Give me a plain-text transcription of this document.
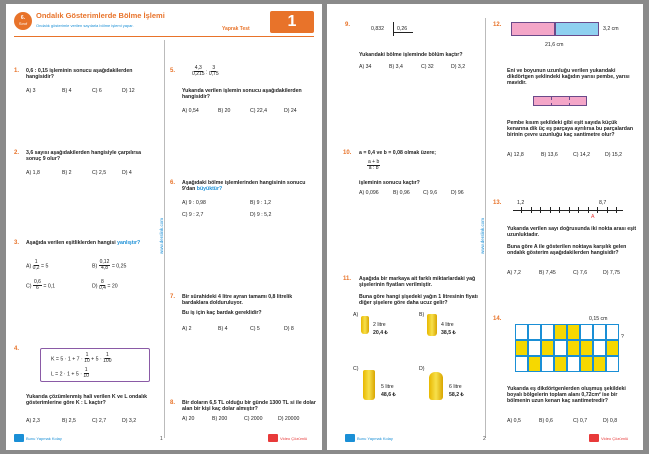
6.
Sınıf
Ondalık Gösterimlerde Bölme İşlemi
Ondalık gösterimle verilen sayılarla bölme işlemi yapar.
Yaprak Test	1
www.derslink.com
1. 0,6 : 0,15 işleminin sonucu aşağıdakilerden hangisidir?
A) 3	B) 4	C) 6	D) 12
2. 3,6 sayısı aşağıdakilerden hangisiyle çarpılırsa sonuç 9 olur?
A) 1,8	B) 2	C) 2,5	D) 4
3. Aşağıda verilen eşitliklerden hangisi yanlıştır?
$A) \frac{1}{0,2} = 5$	$B) \frac{0,12}{4,8} = 0,25$
$C) \frac{0,6}{6} = 0,1$	$D) \frac{8}{0,4} = 20$
4.
$K = 5 \cdot 1 + 7 \cdot \frac{1}{10} + 5 \cdot \frac{1}{100}$
$L = 2 \cdot 1 + 5 \cdot \frac{1}{10}$
Yukarıda çözümlenmiş hali verilen K ve L ondalık gösterimlerine göre K : L kaçtır?
A) 2,3	B) 2,5	C) 2,7	D) 3,2
5.	$\frac{4,3}{0,215}$ : $\frac{3}{0,75}$
Yukarıda verilen işlemin sonucu aşağıdakilerden hangisidir?
A) 0,54	B) 20	C) 22,4	D) 24
6. Aşağıdaki bölme işlemlerinden hangisinin sonucu 9'dan büyüktür?
A) 9 : 0,98	B) 9 : 1,2
C) 9 : 2,7	D) 9 : 5,2
7. Bir sürahideki 4 litre ayran tamamı 0,8 litrelik bardaklara dolduruluyor.
Bu iş için kaç bardak gereklidir?
A) 2	B) 4	C) 5	D) 8
8. Bir doların 6,5 TL olduğu bir günde 1300 TL si ile dolar alan bir kişi kaç dolar almıştır?
A) 20	B) 200	C) 2000	D) 20000
Bunu Yapmak Kolay	1	Video Çözümlü
www.derslink.com
9.
0,832	0,26
Yukarıdaki bölme işleminde bölüm kaçtır?
A) 34	B) 3,4	C) 32	D) 3,2
10. a = 0,4 ve b = 0,08 olmak üzere;
$\frac{a + b}{a : b}$
işleminin sonucu kaçtır?
A) 0,096	B) 0,96	C) 9,6	D) 96
11. Aşağıda bir markaya ait farklı miktarlardaki yağ şişelerinin fiyatları verilmiştir.
Buna göre hangi şişedeki yağın 1 litresinin fiyatı diğer şişelere göre daha ucuz gelir?
A)
2 litre
20,4 ₺
B)
4 litre
38,5 ₺
C)
5 litre
48,6 ₺
D)
6 litre
58,2 ₺
12.
3,2 cm
21,6 cm
Eni ve boyunun uzunluğu verilen yukarıdaki dikdörtgen şeklindeki kağıdın yarısı pembe, yarısı mavidir.
Pembe kısım şekildeki gibi eşit sayıda küçük kenarına dik üç eş parçaya ayrılırsa bu parçalardan birinin çevre uzunluğu kaç santimetre olur?
A) 12,8	B) 13,6	C) 14,2	D) 15,2
13.	1,2
A
8,7
Yukarıda verilen sayı doğrusunda iki nokta arası eşit uzunluktadır.
Buna göre A ile gösterilen noktaya karşılık gelen ondalık gösterim aşağıdakilerden hangisidir?
A) 7,2	B) 7,45	C) 7,6	D) 7,75
14.	0,15 cm
?
Yukarıda eş dikdörtgenlerden oluşmuş şekildeki boyalı bölgelerin toplam alanı 0,72cm² ise bir bölmenin uzun kenarı kaç santimetredir?
A) 0,5	B) 0,6	C) 0,7	D) 0,8
Bunu Yapmak Kolay	2	Video Çözümlü
